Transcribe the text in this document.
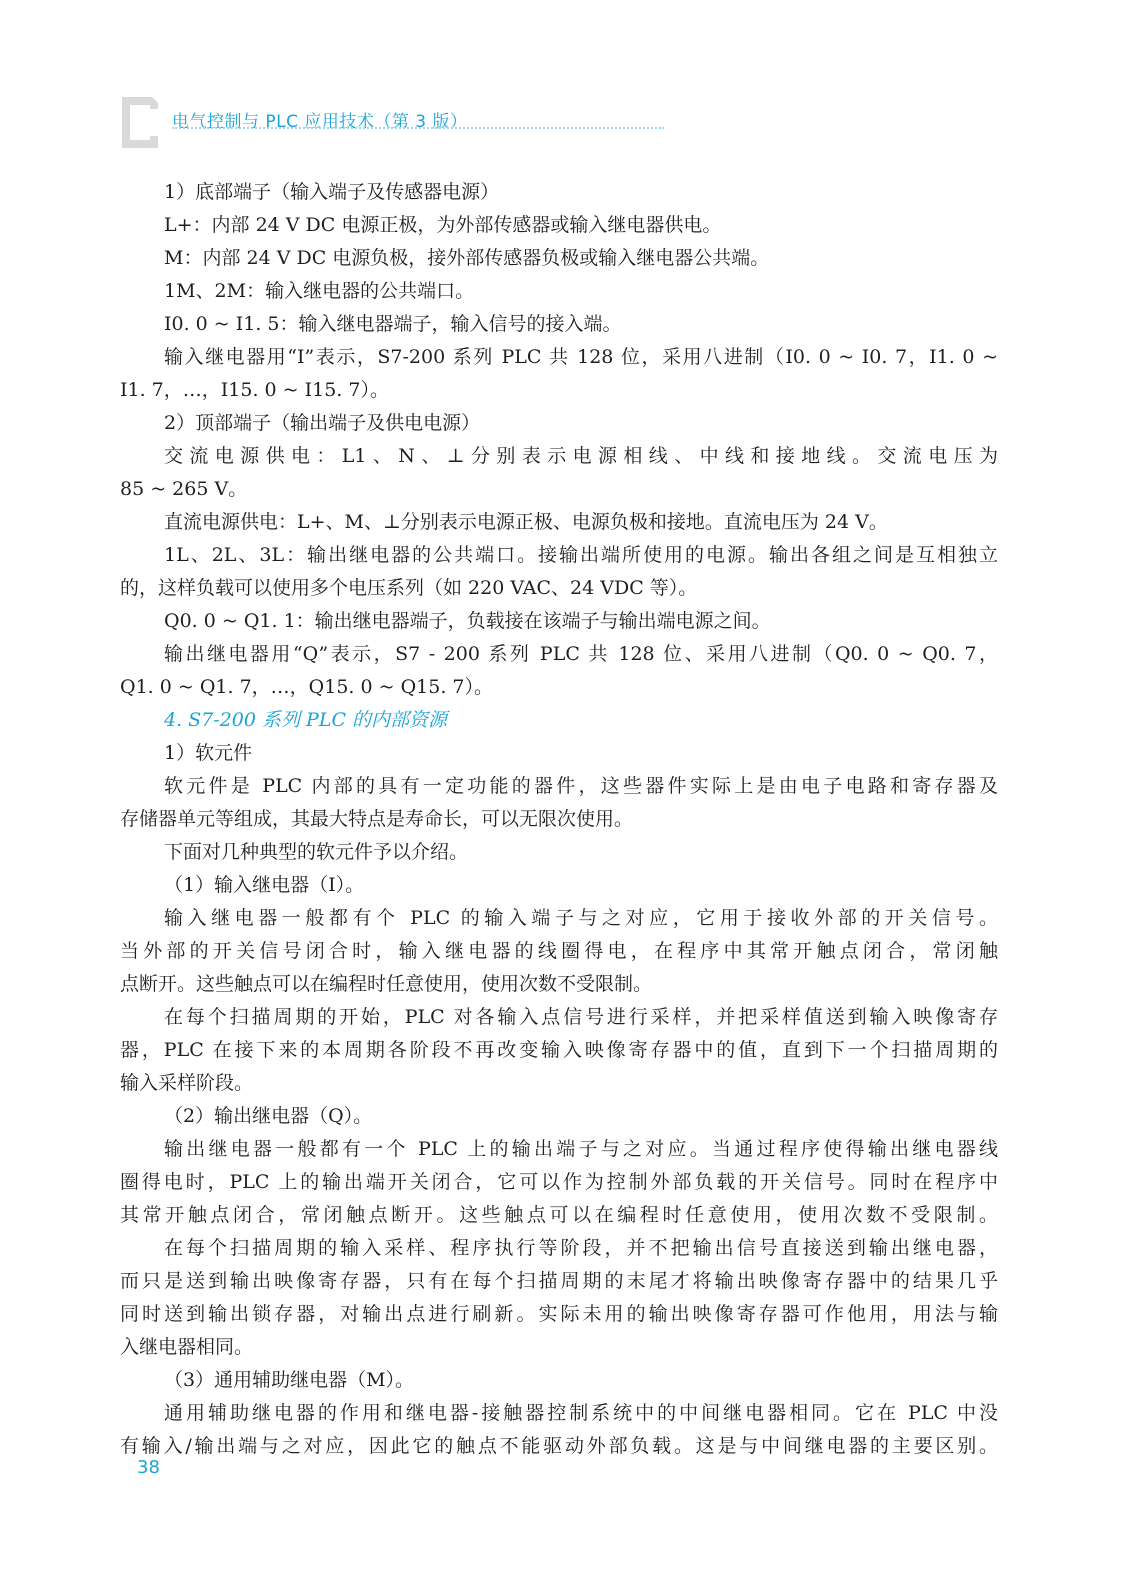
电气控制与 PLC 应用技术（第 3 版）
1）底部端子（输入端子及传感器电源）
L+：内部 24 V DC 电源正极，为外部传感器或输入继电器供电。
M：内部 24 V DC 电源负极，接外部传感器负极或输入继电器公共端。
1M、2M：输入继电器的公共端口。
I0. 0 ~ I1. 5：输入继电器端子，输入信号的接入端。
输入继电器用“I”表示，S7-200 系列 PLC 共 128 位，采用八进制（I0. 0 ~ I0. 7，I1. 0 ~
I1. 7，…，I15. 0 ~ I15. 7）。
2）顶部端子（输出端子及供电电源）
交流电源供电：L1、N、⊥分别表示电源相线、中线和接地线。交流电压为
85 ~ 265 V。
直流电源供电：L+、M、⊥分别表示电源正极、电源负极和接地。直流电压为 24 V。
1L、2L、3L：输出继电器的公共端口。接输出端所使用的电源。输出各组之间是互相独立
的，这样负载可以使用多个电压系列（如 220 VAC、24 VDC 等）。
Q0. 0 ~ Q1. 1：输出继电器端子，负载接在该端子与输出端电源之间。
输出继电器用“Q”表示，S7 - 200 系列 PLC 共 128 位、采用八进制（Q0. 0 ~ Q0. 7，
Q1. 0 ~ Q1. 7，…，Q15. 0 ~ Q15. 7）。
4. S7-200 系列 PLC 的内部资源
1）软元件
软元件是 PLC 内部的具有一定功能的器件，这些器件实际上是由电子电路和寄存器及
存储器单元等组成，其最大特点是寿命长，可以无限次使用。
下面对几种典型的软元件予以介绍。
（1）输入继电器（I）。
输入继电器一般都有个 PLC 的输入端子与之对应，它用于接收外部的开关信号。
当外部的开关信号闭合时，输入继电器的线圈得电，在程序中其常开触点闭合，常闭触
点断开。这些触点可以在编程时任意使用，使用次数不受限制。
在每个扫描周期的开始，PLC 对各输入点信号进行采样，并把采样值送到输入映像寄存
器，PLC 在接下来的本周期各阶段不再改变输入映像寄存器中的值，直到下一个扫描周期的
输入采样阶段。
（2）输出继电器（Q）。
输出继电器一般都有一个 PLC 上的输出端子与之对应。当通过程序使得输出继电器线
圈得电时，PLC 上的输出端开关闭合，它可以作为控制外部负载的开关信号。同时在程序中
其常开触点闭合，常闭触点断开。这些触点可以在编程时任意使用，使用次数不受限制。
在每个扫描周期的输入采样、程序执行等阶段，并不把输出信号直接送到输出继电器，
而只是送到输出映像寄存器，只有在每个扫描周期的末尾才将输出映像寄存器中的结果几乎
同时送到输出锁存器，对输出点进行刷新。实际未用的输出映像寄存器可作他用，用法与输
入继电器相同。
（3）通用辅助继电器（M）。
通用辅助继电器的作用和继电器-接触器控制系统中的中间继电器相同。它在 PLC 中没
有输入/输出端与之对应，因此它的触点不能驱动外部负载。这是与中间继电器的主要区别。
38
